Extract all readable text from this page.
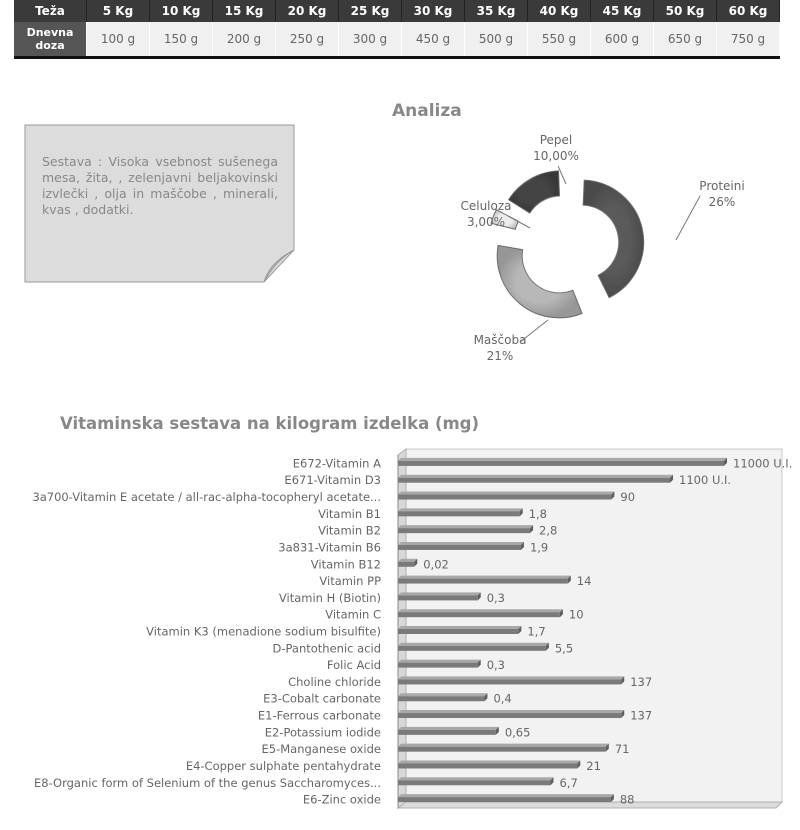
Teža	5 Kg	10 Kg	15 Kg	20 Kg	25 Kg	30 Kg	35 Kg	40 Kg	45 Kg	50 Kg	60 Kg
Dnevna
doza	100 g	150 g	200 g	250 g	300 g	450 g	500 g	550 g	600 g	650 g	750 g
Sestava : Visoka vsebnost sušenega mesa, žita, , zelenjavni beljakovinski izvlečki , olja in maščobe , minerali, kvas , dodatki.
Analiza
Proteini
26%
Maščoba
21%
Celuloza
3,00%
Pepel
10,00%
Vitaminska sestava na kilogram izdelka (mg)
E672-Vitamin A	11000 U.I.
E671-Vitamin D3	1100 U.I.
3a700-Vitamin E acetate / all-rac-alpha-tocopheryl acetate...	90
Vitamin B1	1,8
Vitamin B2	2,8
3a831-Vitamin B6	1,9
Vitamin B12	0,02
Vitamin PP	14
Vitamin H (Biotin)	0,3
Vitamin C	10
Vitamin K3 (menadione sodium bisulfite)	1,7
D-Pantothenic acid	5,5
Folic Acid	0,3
Choline chloride	137
E3-Cobalt carbonate	0,4
E1-Ferrous carbonate	137
E2-Potassium iodide	0,65
E5-Manganese oxide	71
E4-Copper sulphate pentahydrate	21
E8-Organic form of Selenium of the genus Saccharomyces...	6,7
E6-Zinc oxide	88
